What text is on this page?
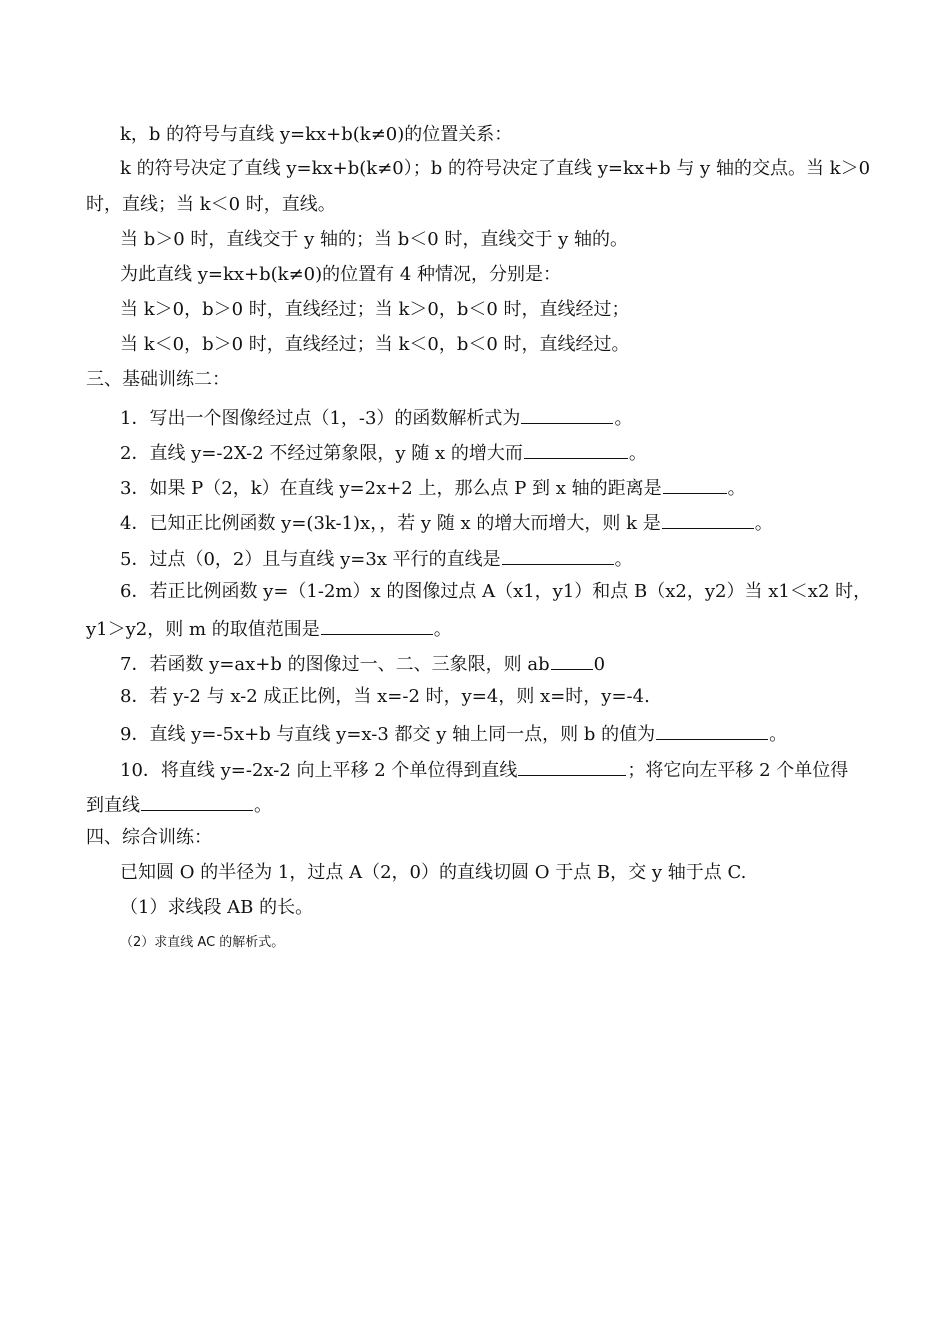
k，b 的符号与直线 y=kx+b(k≠0)的位置关系：
k 的符号决定了直线 y=kx+b(k≠0）；b 的符号决定了直线 y=kx+b 与 y 轴的交点。当 k＞0
时，直线；当 k＜0 时，直线。
当 b＞0 时，直线交于 y 轴的；当 b＜0 时，直线交于 y 轴的。
为此直线 y=kx+b(k≠0)的位置有 4 种情况，分别是：
当 k＞0，b＞0 时，直线经过；当 k＞0，b＜0 时，直线经过；
当 k＜0，b＞0 时，直线经过；当 k＜0，b＜0 时，直线经过。
三、基础训练二：
1．写出一个图像经过点（1，-3）的函数解析式为	。
2．直线 y=-2X-2 不经过第象限，y 随 x 的增大而	。
3．如果 P（2，k）在直线 y=2x+2 上，那么点 P 到 x 轴的距离是	。
4．已知正比例函数 y=(3k-1)x，，若 y 随 x 的增大而增大，则 k 是	。
5．过点（0，2）且与直线 y=3x 平行的直线是	。
6．若正比例函数 y=（1-2m）x 的图像过点 A（x1，y1）和点 B（x2，y2）当 x1＜x2 时，
y1＞y2，则 m 的取值范围是	。
7．若函数 y=ax+b 的图像过一、二、三象限，则 ab 0
8．若 y-2 与 x-2 成正比例，当 x=-2 时，y=4，则 x=时，y=-4.
9．直线 y=-5x+b 与直线 y=x-3 都交 y 轴上同一点，则 b 的值为	。
10．将直线 y=-2x-2 向上平移 2 个单位得到直线	；将它向左平移 2 个单位得
到直线	。
四、综合训练：
已知圆 O 的半径为 1，过点 A（2，0）的直线切圆 O 于点 B，交 y 轴于点 C.
（1）求线段 AB 的长。
（2）求直线 AC 的解析式。
